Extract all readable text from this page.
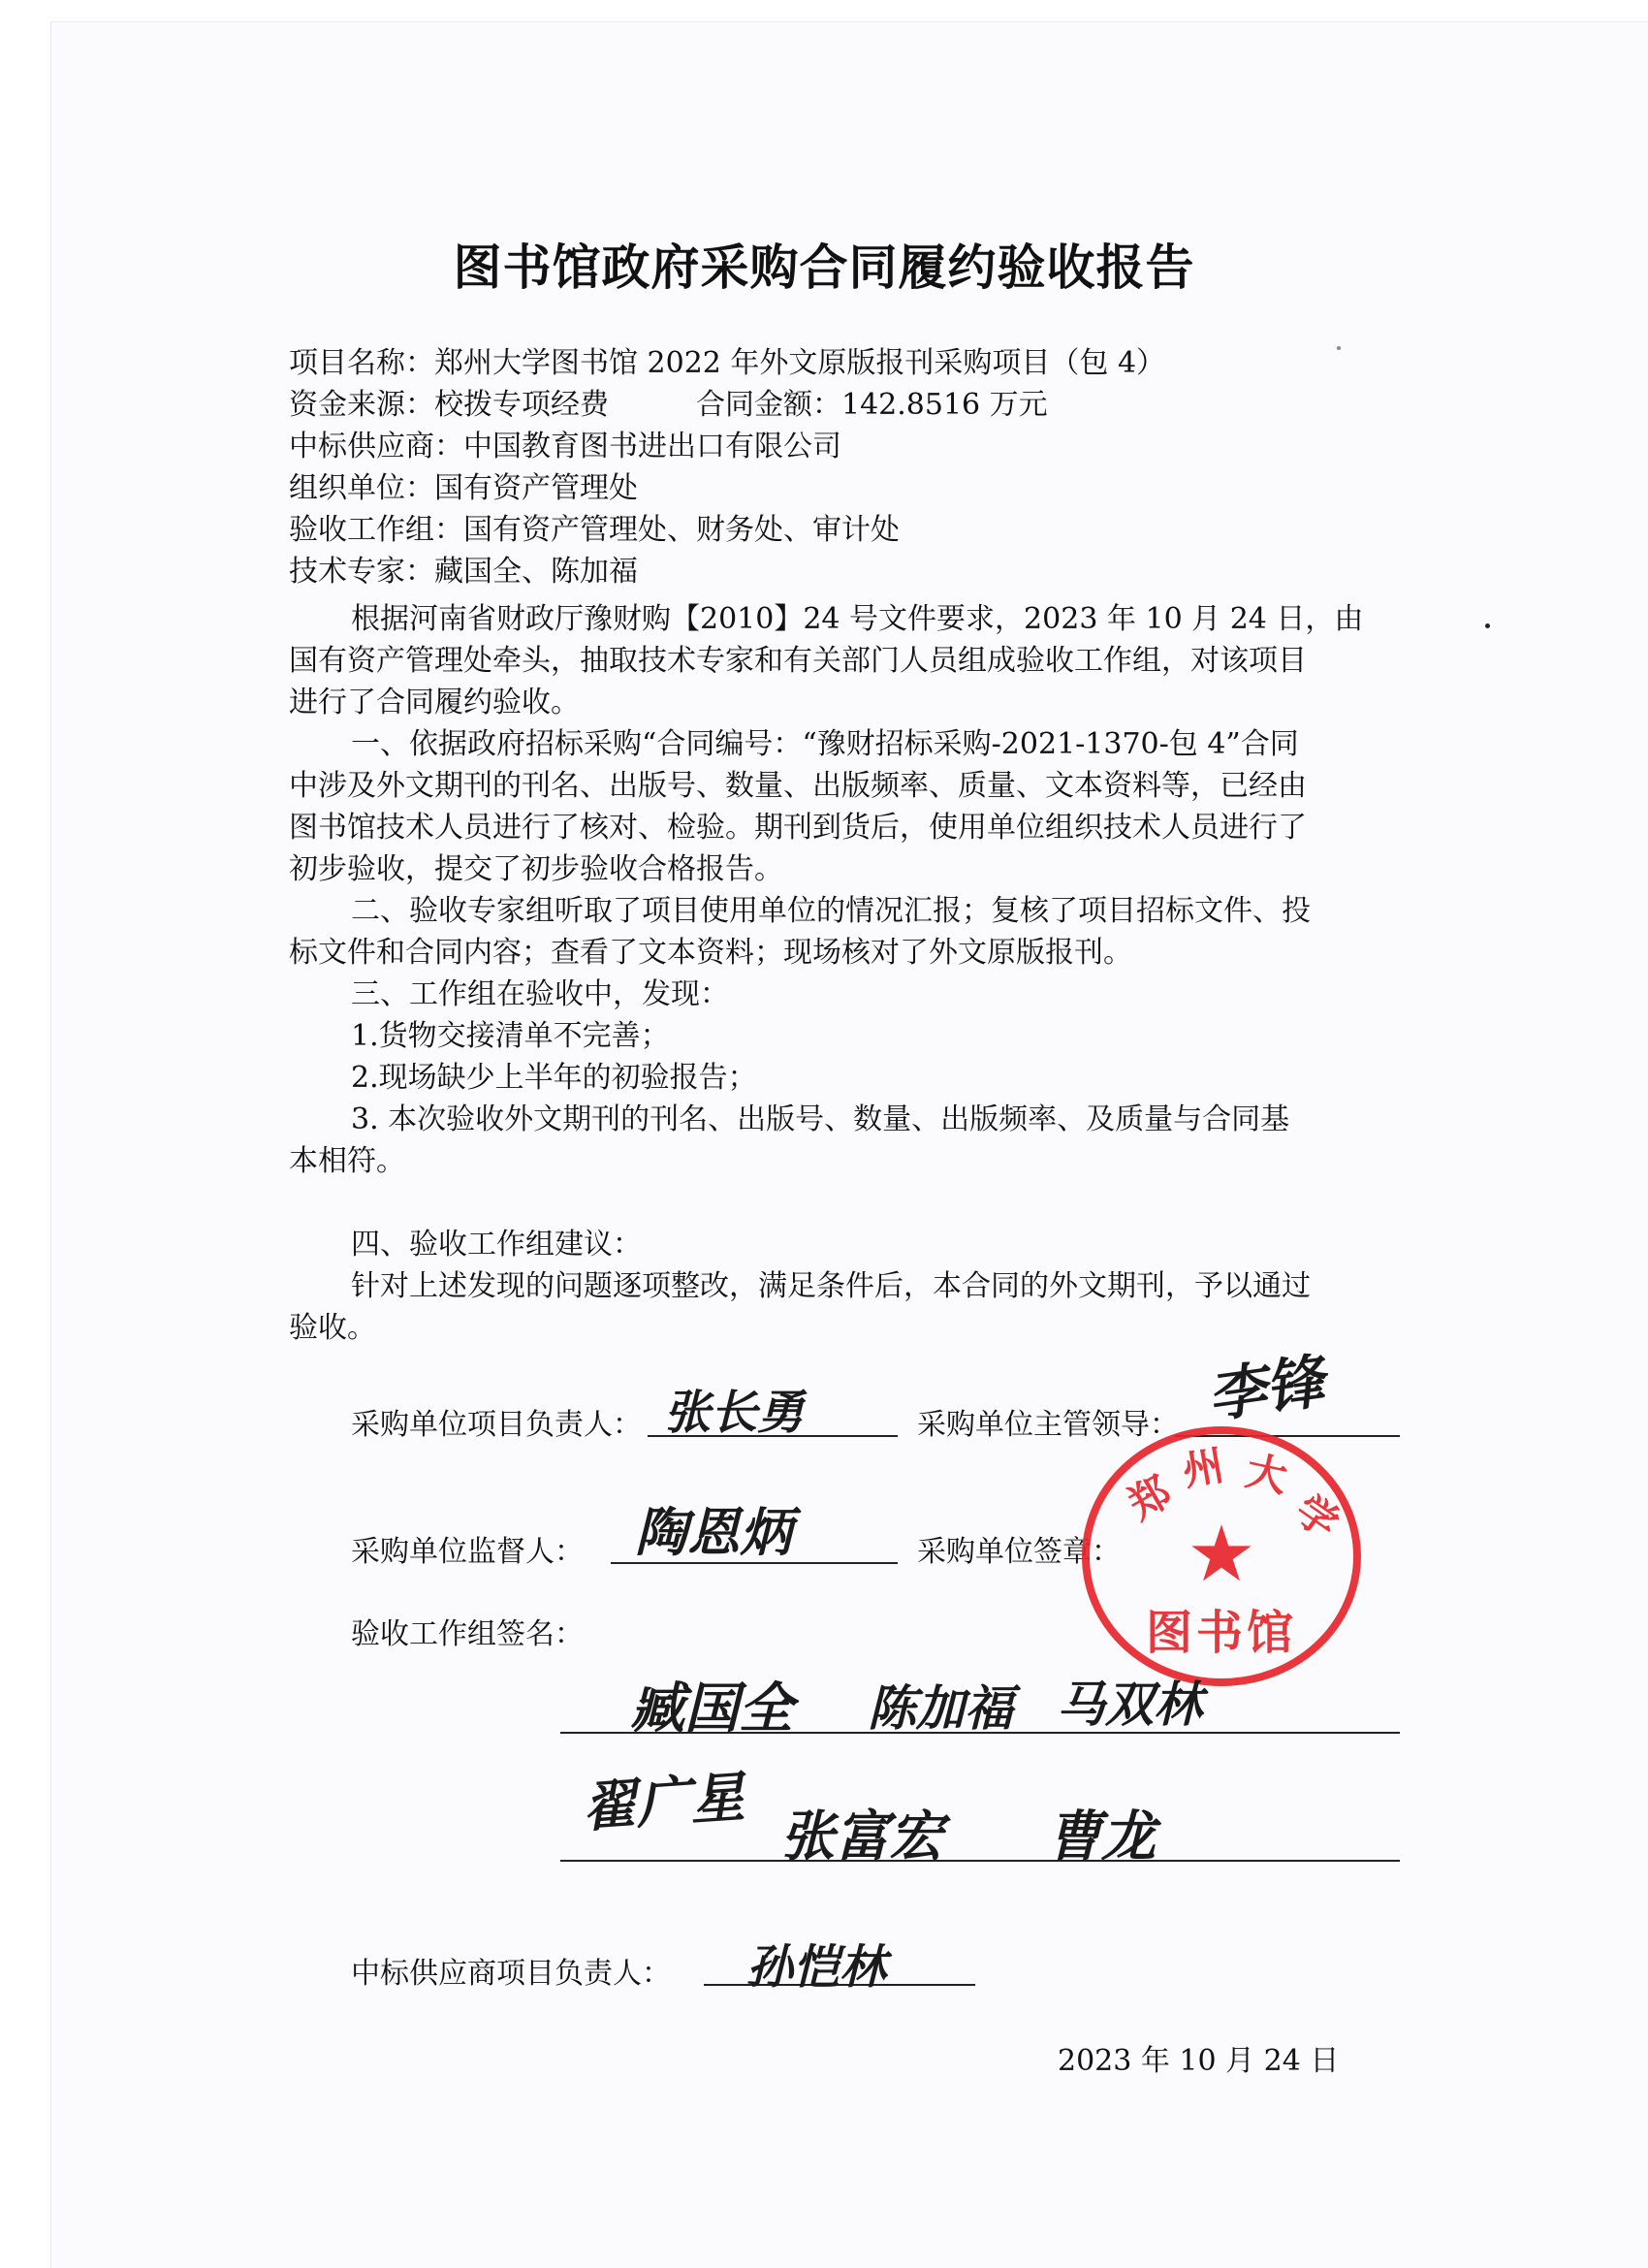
图书馆政府采购合同履约验收报告
项目名称：郑州大学图书馆 2022 年外文原版报刊采购项目（包 4）
资金来源：校拨专项经费　　　合同金额：142.8516 万元
中标供应商：中国教育图书进出口有限公司
组织单位：国有资产管理处
验收工作组：国有资产管理处、财务处、审计处
技术专家：藏国全、陈加福
根据河南省财政厅豫财购【2010】24 号文件要求，2023 年 10 月 24 日，由
国有资产管理处牵头，抽取技术专家和有关部门人员组成验收工作组，对该项目
进行了合同履约验收。
一、依据政府招标采购“合同编号：“豫财招标采购-2021-1370-包 4”合同
中涉及外文期刊的刊名、出版号、数量、出版频率、质量、文本资料等，已经由
图书馆技术人员进行了核对、检验。期刊到货后，使用单位组织技术人员进行了
初步验收，提交了初步验收合格报告。
二、验收专家组听取了项目使用单位的情况汇报；复核了项目招标文件、投
标文件和合同内容；查看了文本资料；现场核对了外文原版报刊。
三、工作组在验收中，发现：
1.货物交接清单不完善；
2.现场缺少上半年的初验报告；
3. 本次验收外文期刊的刊名、出版号、数量、出版频率、及质量与合同基
本相符。
四、验收工作组建议：
针对上述发现的问题逐项整改，满足条件后，本合同的外文期刊，予以通过
验收。
采购单位项目负责人： 张长勇	采购单位主管领导： 李锋
采购单位监督人： 陶恩炳	采购单位签章：
郑 州 大
学
★
图书馆
验收工作组签名：
臧国全 陈加福 马双林
翟广星 张富宏 曹龙
中标供应商项目负责人： 孙恺林
2023 年 10 月 24 日
